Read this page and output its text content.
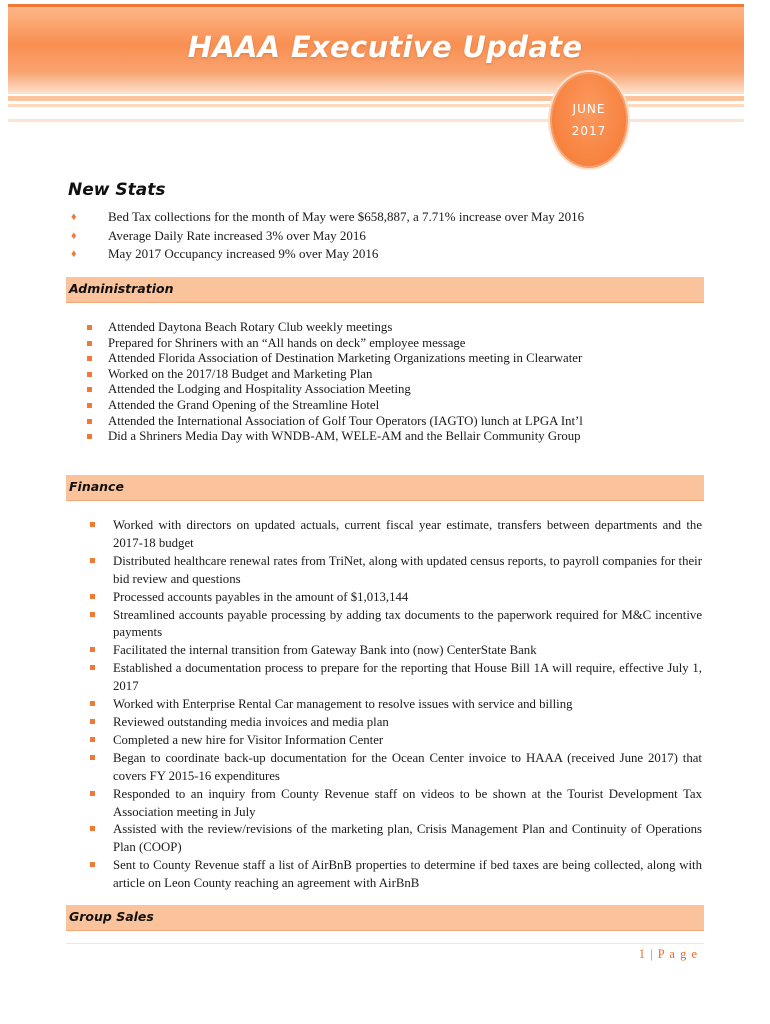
HAAA Executive Update
JUNE
2017
New Stats
♦ Bed Tax collections for the month of May were $658,887, a 7.71% increase over May 2016
♦ Average Daily Rate increased 3% over May 2016
♦ May 2017 Occupancy increased 9% over May 2016
Administration
Attended Daytona Beach Rotary Club weekly meetings
Prepared for Shriners with an “All hands on deck” employee message
Attended Florida Association of Destination Marketing Organizations meeting in Clearwater
Worked on the 2017/18 Budget and Marketing Plan
Attended the Lodging and Hospitality Association Meeting
Attended the Grand Opening of the Streamline Hotel
Attended the International Association of Golf Tour Operators (IAGTO) lunch at LPGA Int’l
Did a Shriners Media Day with WNDB-AM, WELE-AM and the Bellair Community Group
Finance
Worked with directors on updated actuals, current fiscal year estimate, transfers between departments and the 2017-18 budget
Distributed healthcare renewal rates from TriNet, along with updated census reports, to payroll companies for their bid review and questions
Processed accounts payables in the amount of $1,013,144
Streamlined accounts payable processing by adding tax documents to the paperwork required for M&C incentive payments
Facilitated the internal transition from Gateway Bank into (now) CenterState Bank
Established a documentation process to prepare for the reporting that House Bill 1A will require, effective July 1, 2017
Worked with Enterprise Rental Car management to resolve issues with service and billing
Reviewed outstanding media invoices and media plan
Completed a new hire for Visitor Information Center
Began to coordinate back-up documentation for the Ocean Center invoice to HAAA (received June 2017) that covers FY 2015-16 expenditures
Responded to an inquiry from County Revenue staff on videos to be shown at the Tourist Development Tax Association meeting in July
Assisted with the review/revisions of the marketing plan, Crisis Management Plan and Continuity of Operations Plan (COOP)
Sent to County Revenue staff a list of AirBnB properties to determine if bed taxes are being collected, along with article on Leon County reaching an agreement with AirBnB
Group Sales
1 | P a g e
